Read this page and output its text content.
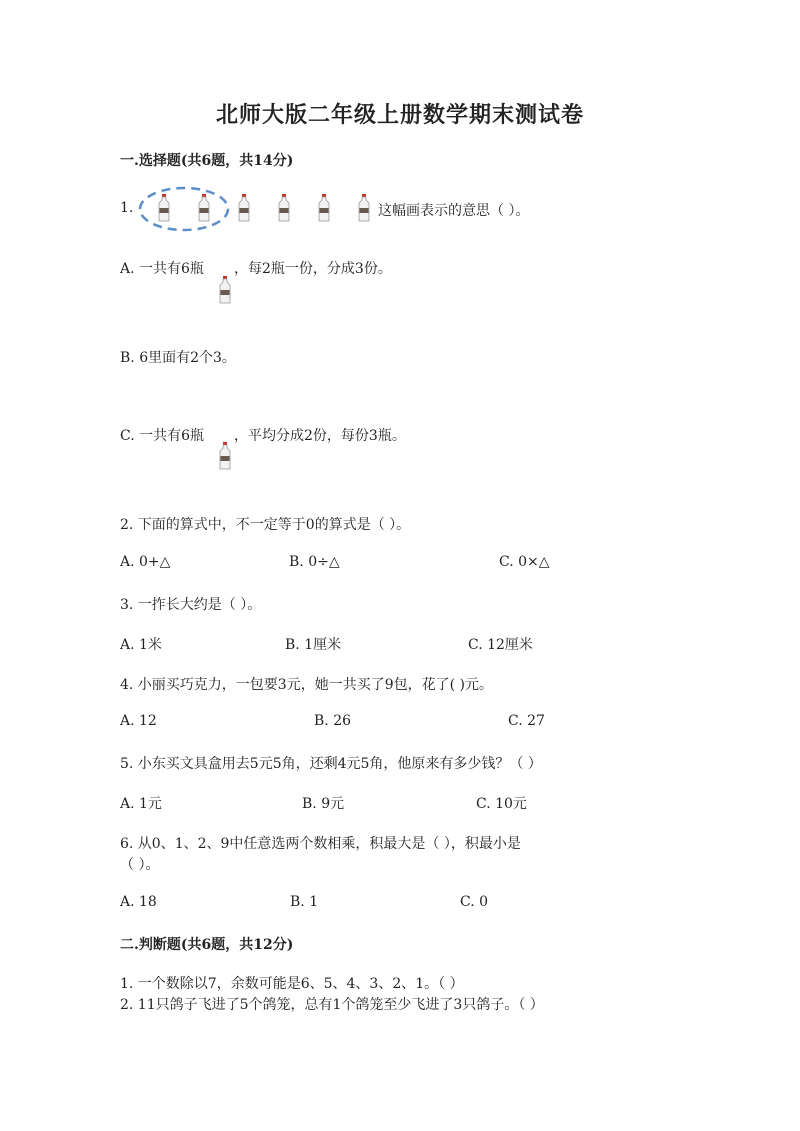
北师大版二年级上册数学期末测试卷
一.选择题(共6题，共14分)
1.	这幅画表示的意思（ ）。
A. 一共有6瓶 ，每2瓶一份，分成3份。
B. 6里面有2个3。
C. 一共有6瓶 ，平均分成2份，每份3瓶。
2. 下面的算式中，不一定等于0的算式是（ ）。
A. 0+△	B. 0÷△	C. 0×△
3. 一拃长大约是（ ）。
A. 1米	B. 1厘米	C. 12厘米
4. 小丽买巧克力，一包要3元，她一共买了9包，花了( )元。
A. 12	B. 26	C. 27
5. 小东买文具盒用去5元5角，还剩4元5角，他原来有多少钱？（ ）
A. 1元	B. 9元	C. 10元
6. 从0、1、2、9中任意选两个数相乘，积最大是（ ），积最小是
（ ）。
A. 18	B. 1	C. 0
二.判断题(共6题，共12分)
1. 一个数除以7，余数可能是6、5、4、3、2、1。（ ）
2. 11只鸽子飞进了5个鸽笼，总有1个鸽笼至少飞进了3只鸽子。（ ）
